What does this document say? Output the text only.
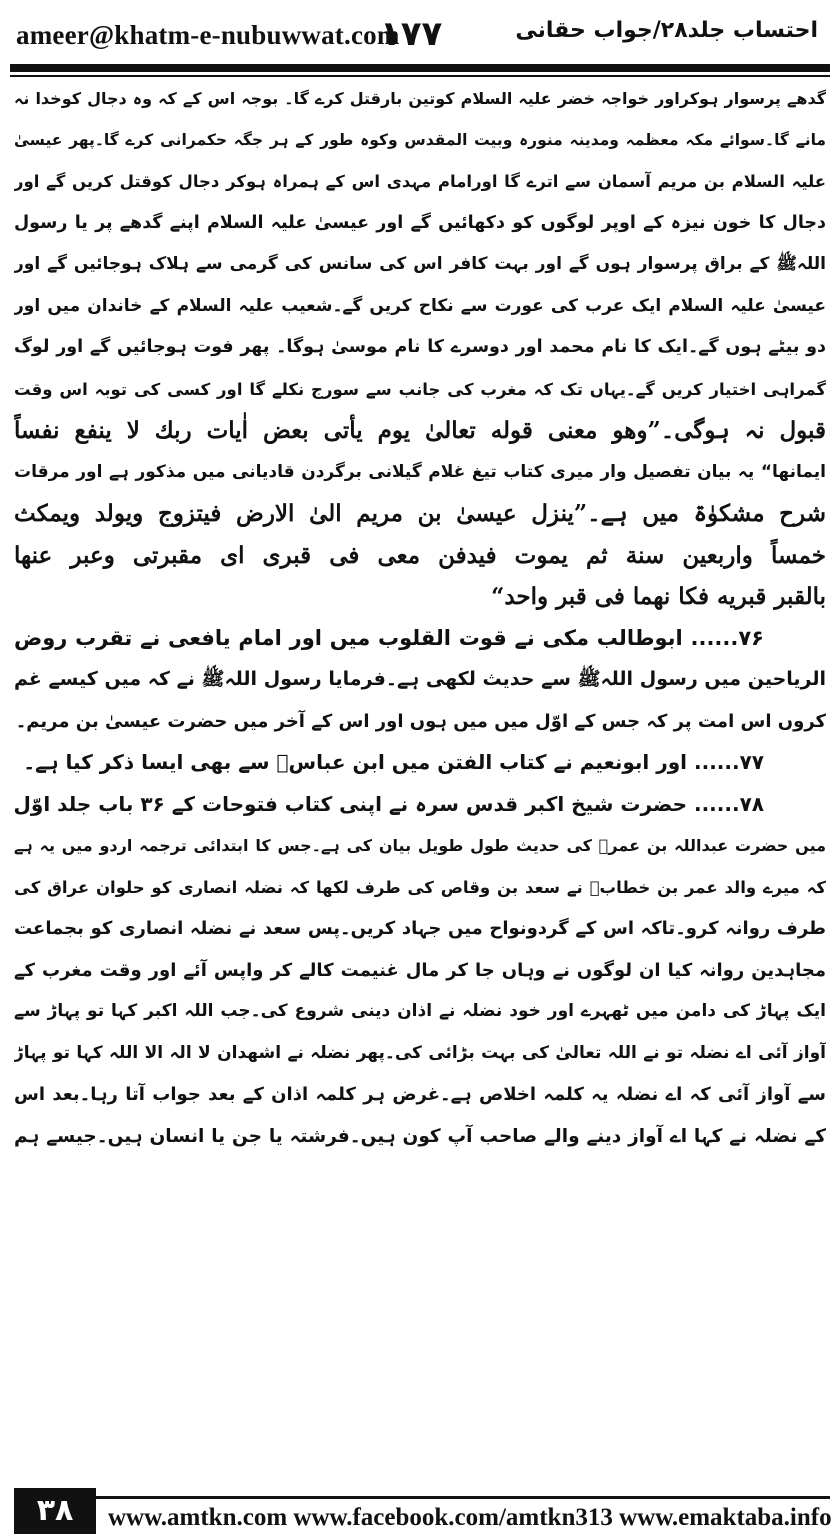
ameer@khatm-e-nubuwwat.com
۱۷۷	احتساب جلد۲۸/جواب حقانی
گدھے پرسوار ہوکراور خواجہ خضر علیہ السلام کوتین بارقتل کرے گا۔ بوجہ اس کے کہ وہ دجال کوخدا نہ
مانے گا۔سوائے مکہ معظمہ ومدینہ منورہ وبیت المقدس وکوہ طور کے ہر جگہ حکمرانی کرے گا۔پھر عیسیٰ
علیہ السلام بن مریم آسمان سے اترے گا اورامام مہدی اس کے ہمراہ ہوکر دجال کوقتل کریں گے اور
دجال کا خون نیزہ کے اوپر لوگوں کو دکھائیں گے اور عیسیٰ علیہ السلام اپنے گدھے پر یا رسول
اللہﷺ کے براق پرسوار ہوں گے اور بہت کافر اس کی سانس کی گرمی سے ہلاک ہوجائیں گے اور
عیسیٰ علیہ السلام ایک عرب کی عورت سے نکاح کریں گے۔شعیب علیہ السلام کے خاندان میں اور
دو بیٹے ہوں گے۔ایک کا نام محمد اور دوسرے کا نام موسیٰ ہوگا۔ پھر فوت ہوجائیں گے اور لوگ
گمراہی اختیار کریں گے۔یہاں تک کہ مغرب کی جانب سے سورج نکلے گا اور کسی کی توبہ اس وقت
قبول نہ ہوگی۔”وھو معنی قوله تعالیٰ یوم یأتی بعض اٰیات ربك لا ینفع نفساً
ایمانھا“ یہ بیان تفصیل وار میری کتاب تیغ غلام گیلانی برگردن قادیانی میں مذکور ہے اور مرقات
شرح مشکوٰۃ میں ہے۔”ینزل عیسیٰ بن مریم الیٰ الارض فیتزوج ویولد ویمکث
خمساً واربعین سنة ثم یموت فیدفن معی فی قبری ای مقبرتی وعبر عنھا
بالقبر قبریه فکا نھما فی قبر واحد“
۷۶...... ابوطالب مکی نے قوت القلوب میں اور امام یافعی نے تقرب روض
الریاحین میں رسول اللہﷺ سے حدیث لکھی ہے۔فرمایا رسول اللہﷺ نے کہ میں کیسے غم
کروں اس امت پر کہ جس کے اوّل میں میں ہوں اور اس کے آخر میں حضرت عیسیٰ بن مریم۔
۷۷...... اور ابونعیم نے کتاب الفتن میں ابن عباسؓ سے بھی ایسا ذکر کیا ہے۔
۷۸...... حضرت شیخ اکبر قدس سرہ نے اپنی کتاب فتوحات کے ۳۶ باب جلد اوّل
میں حضرت عبداللہ بن عمرؓ کی حدیث طول طویل بیان کی ہے۔جس کا ابتدائی ترجمہ اردو میں یہ ہے
کہ میرے والد عمر بن خطابؓ نے سعد بن وقاص کی طرف لکھا کہ نضلہ انصاری کو حلوان عراق کی
طرف روانہ کرو۔تاکہ اس کے گردونواح میں جہاد کریں۔پس سعد نے نضلہ انصاری کو بجماعت
مجاہدین روانہ کیا ان لوگوں نے وہاں جا کر مال غنیمت کالے کر واپس آئے اور وقت مغرب کے
ایک پہاڑ کی دامن میں ٹھہرے اور خود نضلہ نے اذان دینی شروع کی۔جب اللہ اکبر کہا تو پہاڑ سے
آواز آئی اے نضلہ تو نے اللہ تعالیٰ کی بہت بڑائی کی۔پھر نضلہ نے اشھدان لا الہ الا اللہ کہا تو پہاڑ
سے آواز آئی کہ اے نضلہ یہ کلمہ اخلاص ہے۔غرض ہر کلمہ اذان کے بعد جواب آتا رہا۔بعد اس
کے نضلہ نے کہا اے آواز دینے والے صاحب آپ کون ہیں۔فرشتہ یا جن یا انسان ہیں۔جیسے ہم
۳۸	www.amtkn.com www.facebook.com/amtkn313 www.emaktaba.info
